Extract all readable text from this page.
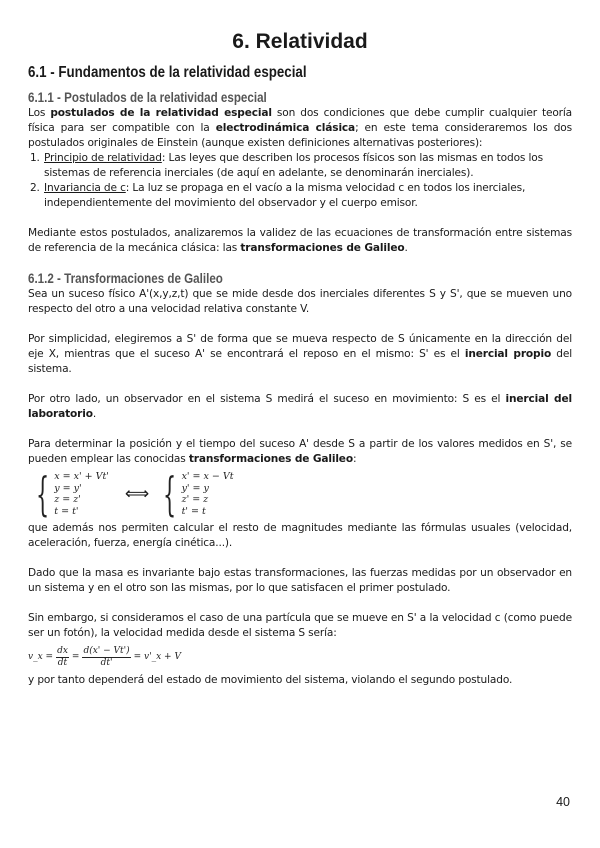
6. Relatividad
6.1 - Fundamentos de la relatividad especial
6.1.1 - Postulados de la relatividad especial

Los postulados de la relatividad especial son dos condiciones que debe cumplir cualquier teoría física para ser compatible con la electrodinámica clásica; en este tema consideraremos los dos postulados originales de Einstein (aunque existen definiciones alternativas posteriores):

1. Principio de relatividad: Las leyes que describen los procesos físicos son las mismas en todos los sistemas de referencia inerciales (de aquí en adelante, se denominarán inerciales).
2. Invariancia de c: La luz se propaga en el vacío a la misma velocidad c en todos los inerciales, independientemente del movimiento del observador y el cuerpo emisor.

Mediante estos postulados, analizaremos la validez de las ecuaciones de transformación entre sistemas de referencia de la mecánica clásica: las transformaciones de Galileo.

6.1.2 - Transformaciones de Galileo

Sea un suceso físico A'(x,y,z,t) que se mide desde dos inerciales diferentes S y S', que se mueven uno respecto del otro a una velocidad relativa constante V.

Por simplicidad, elegiremos a S' de forma que se mueva respecto de S únicamente en la dirección del eje X, mientras que el suceso A' se encontrará el reposo en el mismo: S' es el inercial propio del sistema.

Por otro lado, un observador en el sistema S medirá el suceso en movimiento: S es el inercial del laboratorio.

Para determinar la posición y el tiempo del suceso A' desde S a partir de los valores medidos en S', se pueden emplear las conocidas transformaciones de Galileo:

{ x = x' + Vt'
y = y'
z = z'
t = t'
⟺ { x' = x − Vt
y' = y
z' = z
t' = t

que además nos permiten calcular el resto de magnitudes mediante las fórmulas usuales (velocidad, aceleración, fuerza, energía cinética...).

Dado que la masa es invariante bajo estas transformaciones, las fuerzas medidas por un observador en un sistema y en el otro son las mismas, por lo que satisfacen el primer postulado.

Sin embargo, si consideramos el caso de una partícula que se mueve en S' a la velocidad c (como puede ser un fotón), la velocidad medida desde el sistema S sería:

v_x = $\frac{dx}{dt} = \frac{d(x' - Vt')}{dt'}$ = v'_x + V

y por tanto dependerá del estado de movimiento del sistema, violando el segundo postulado.

40
